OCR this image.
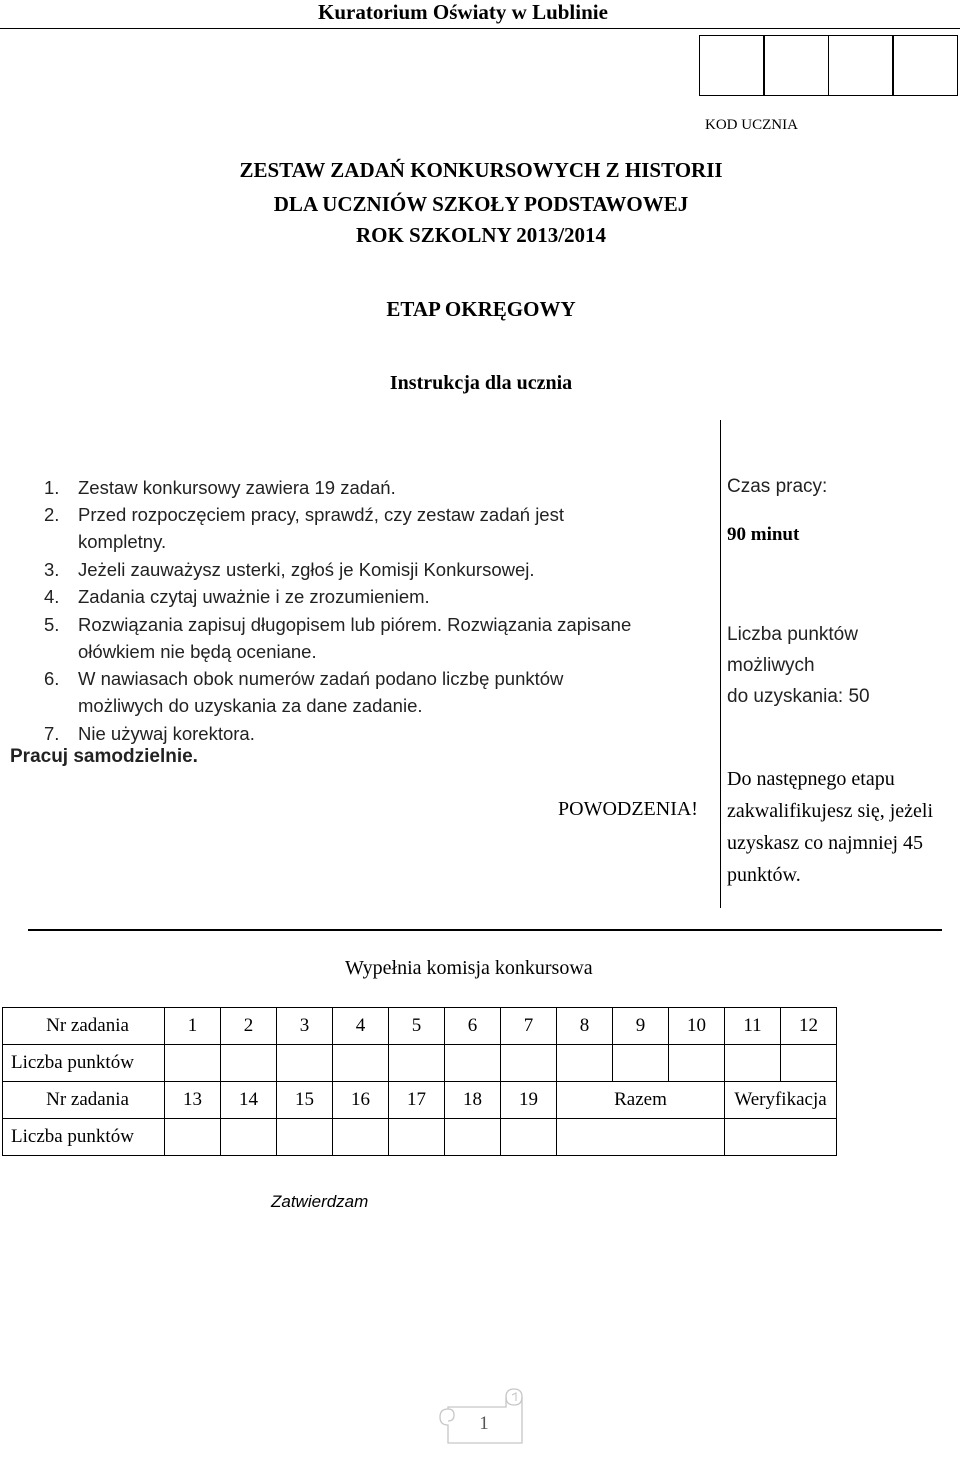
Kuratorium Oświaty w Lublinie
KOD UCZNIA
ZESTAW ZADAŃ KONKURSOWYCH Z HISTORII
DLA UCZNIÓW SZKOŁY PODSTAWOWEJ
ROK SZKOLNY 2013/2014
ETAP OKRĘGOWY
Instrukcja dla ucznia
1. Zestaw konkursowy zawiera 19 zadań.
2. Przed rozpoczęciem pracy, sprawdź, czy zestaw zadań jest
kompletny.
3. Jeżeli zauważysz usterki, zgłoś je Komisji Konkursowej.
4. Zadania czytaj uważnie i ze zrozumieniem.
5. Rozwiązania zapisuj długopisem lub piórem. Rozwiązania zapisane
ołówkiem nie będą oceniane.
6. W nawiasach obok numerów zadań podano liczbę punktów
możliwych do uzyskania za dane zadanie.
7. Nie używaj korektora.
Pracuj samodzielnie.
POWODZENIA!
Czas pracy:
90 minut
Liczba punktów
możliwych
do uzyskania: 50
Do następnego etapu
zakwalifikujesz się, jeżeli
uzyskasz co najmniej 45
punktów.
Wypełnia komisja konkursowa
Nr zadania	1	2	3	4	5	6	7	8	9	10	11	12
Liczba punktów												
Nr zadania	13	14	15	16	17	18	19	Razem			Weryfikacja	
Liczba punktów												
Zatwierdzam
1
